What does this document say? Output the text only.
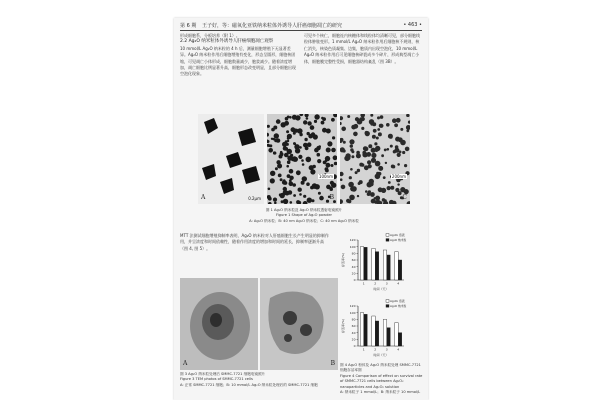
第 6 期 王子好，等：磁氧化亚铁纳米粒体外诱导人肝癌细胞凋亡的研究	• 463 •

形成细胞系，分板培养（附 1）。

2.2 Ag₂O 纳米粒体外诱导人肝癌细胞凋亡观察

10 mmol/L Ag₂O 纳米粒的 4 h 后，测量细胞增殖下无显著差异。Ag₂O 纳米粒作用后细胞增殖有变化，形态呈圆形，细胞核固缩，可见凋亡小体形成，细胞数量减少，胞浆减少。随着浓度增加，凋亡细胞比例显著升高，细胞形态改变明显，且部分细胞出现空泡化现象。

可见多个核仁，细胞连内核糖体和线粒体均清晰可见，部分细胞线粒体肿胀变形。1 mmol/L Ag₂O 纳米粒作用后细胞核不规则，核仁消失，核染色质凝集、边集，胞质内出现空泡化，10 mmol/L Ag₂O 纳米粒作用后可见细胞核碎裂成多个碎片，形成典型凋亡小体，细胞膜完整性受损，细胞器结构紊乱（图 3B）。

A	0.2μm	B
100nm
C
200nm
图 1 Ag₂O 纳米粒及 Ag₂O 纳米粒透射电镜照片
Figure 1 Shape of Ag₂O powder
A: Ag₂O 纳米粒；B: 40 nm Ag₂O 纳米粒；C: 40 nm Ag₂O 纳米粒

MTT 法测试细胞增殖抑制率表明，Ag₂O 纳米粒对人肝癌细胞生长产生明显的抑制作用，并呈浓度和时间依赖性，随着作用浓度的增加和时间的延长，抑制率逐渐升高（图 4, 图 5）。

A	B
图 3 Ag₂O 纳米粒处理后 SMMC-7721 细胞电镜照片
Figure 3 TEM photos of SMMC-7721 cells
A: 正常 SMMC-7721 细胞；B: 10 mmol/L Ag₂O 纳米粒处理后的 SMMC-7721 细胞
0
20
40
60
80
100
120
1	2	3	4
时间（天）
存活率(%)
Ag₂O₂ 溶液
Ag₂O 纳米粒
0
20
40
60
80
100
120
1	2	3	4
时间（天）
存活率(%)
Ag₂O₂ 溶液
Ag₂O 纳米粒
图 4 Ag₂O 粉体及 Ag₂O 纳米粒处理 SMMC-7721 细胞存活率图
Figure 4 Comparison of effect on survival rate of SMMC-7721 cells between Ag₂O₂ nanoparticles and Ag₂O₂ solution
A: 纳米粒子 1 mmol/L；B: 纳米粒子 10 mmol/L
